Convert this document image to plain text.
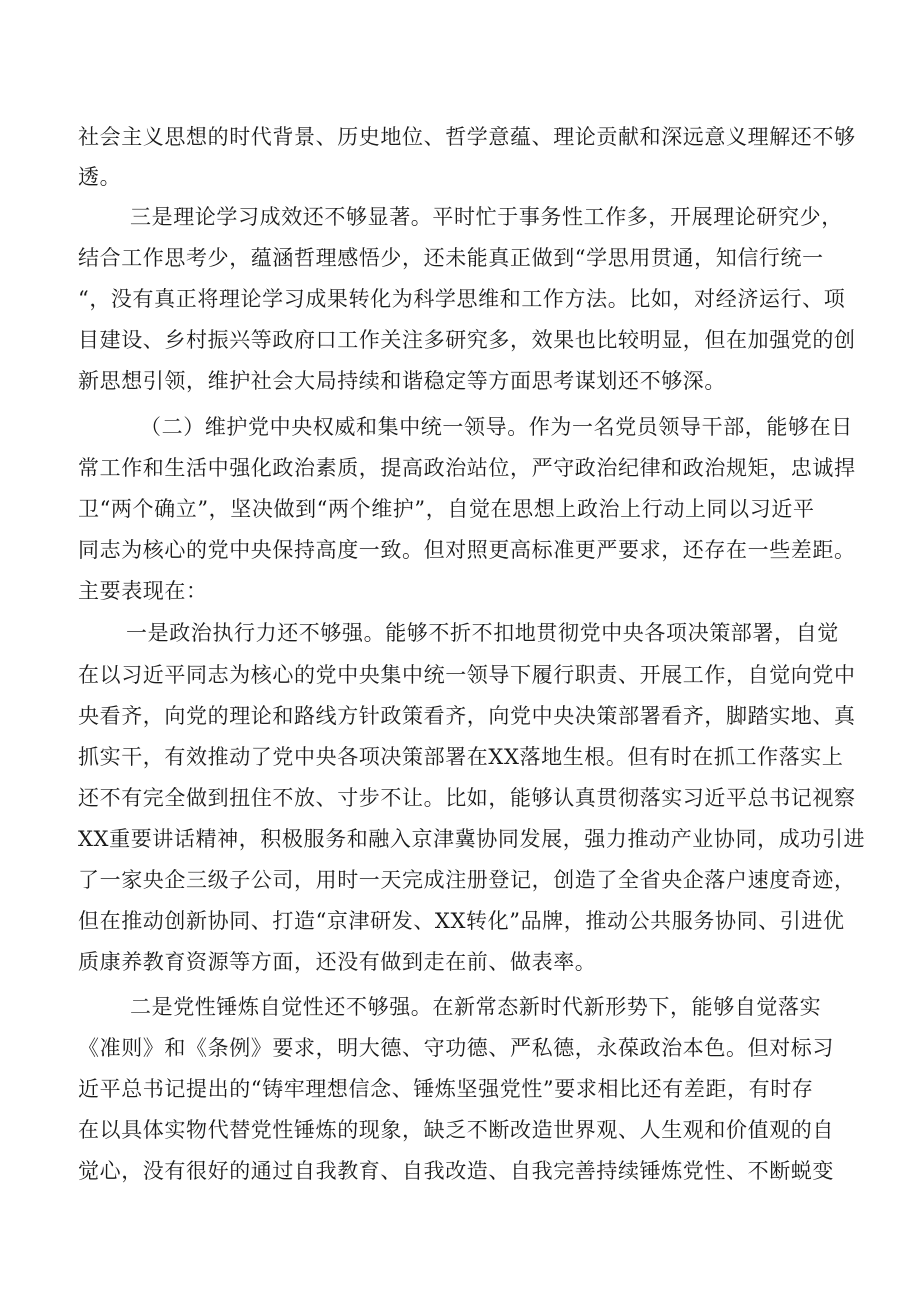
社会主义思想的时代背景、历史地位、哲学意蕴、理论贡献和深远意义理解还不够
透。
三是理论学习成效还不够显著。平时忙于事务性工作多，开展理论研究少，
结合工作思考少，蕴涵哲理感悟少，还未能真正做到“学思用贯通，知信行统一
“，没有真正将理论学习成果转化为科学思维和工作方法。比如，对经济运行、项
目建设、乡村振兴等政府口工作关注多研究多，效果也比较明显，但在加强党的创
新思想引领，维护社会大局持续和谐稳定等方面思考谋划还不够深。
（二）维护党中央权威和集中统一领导。作为一名党员领导干部，能够在日
常工作和生活中强化政治素质，提高政治站位，严守政治纪律和政治规矩，忠诚捍
卫“两个确立”，坚决做到“两个维护”，自觉在思想上政治上行动上同以习近平
同志为核心的党中央保持高度一致。但对照更高标准更严要求，还存在一些差距。
主要表现在：
一是政治执行力还不够强。能够不折不扣地贯彻党中央各项决策部署，自觉
在以习近平同志为核心的党中央集中统一领导下履行职责、开展工作，自觉向党中
央看齐，向党的理论和路线方针政策看齐，向党中央决策部署看齐，脚踏实地、真
抓实干，有效推动了党中央各项决策部署在XX落地生根。但有时在抓工作落实上
还不有完全做到扭住不放、寸步不让。比如，能够认真贯彻落实习近平总书记视察
XX重要讲话精神，积极服务和融入京津冀协同发展，强力推动产业协同，成功引进
了一家央企三级子公司，用时一天完成注册登记，创造了全省央企落户速度奇迹，
但在推动创新协同、打造“京津研发、XX转化”品牌，推动公共服务协同、引进优
质康养教育资源等方面，还没有做到走在前、做表率。
二是党性锤炼自觉性还不够强。在新常态新时代新形势下，能够自觉落实
《准则》和《条例》要求，明大德、守功德、严私德，永葆政治本色。但对标习
近平总书记提出的“铸牢理想信念、锤炼坚强党性”要求相比还有差距，有时存
在以具体实物代替党性锤炼的现象，缺乏不断改造世界观、人生观和价值观的自
觉心，没有很好的通过自我教育、自我改造、自我完善持续锤炼党性、不断蜕变
